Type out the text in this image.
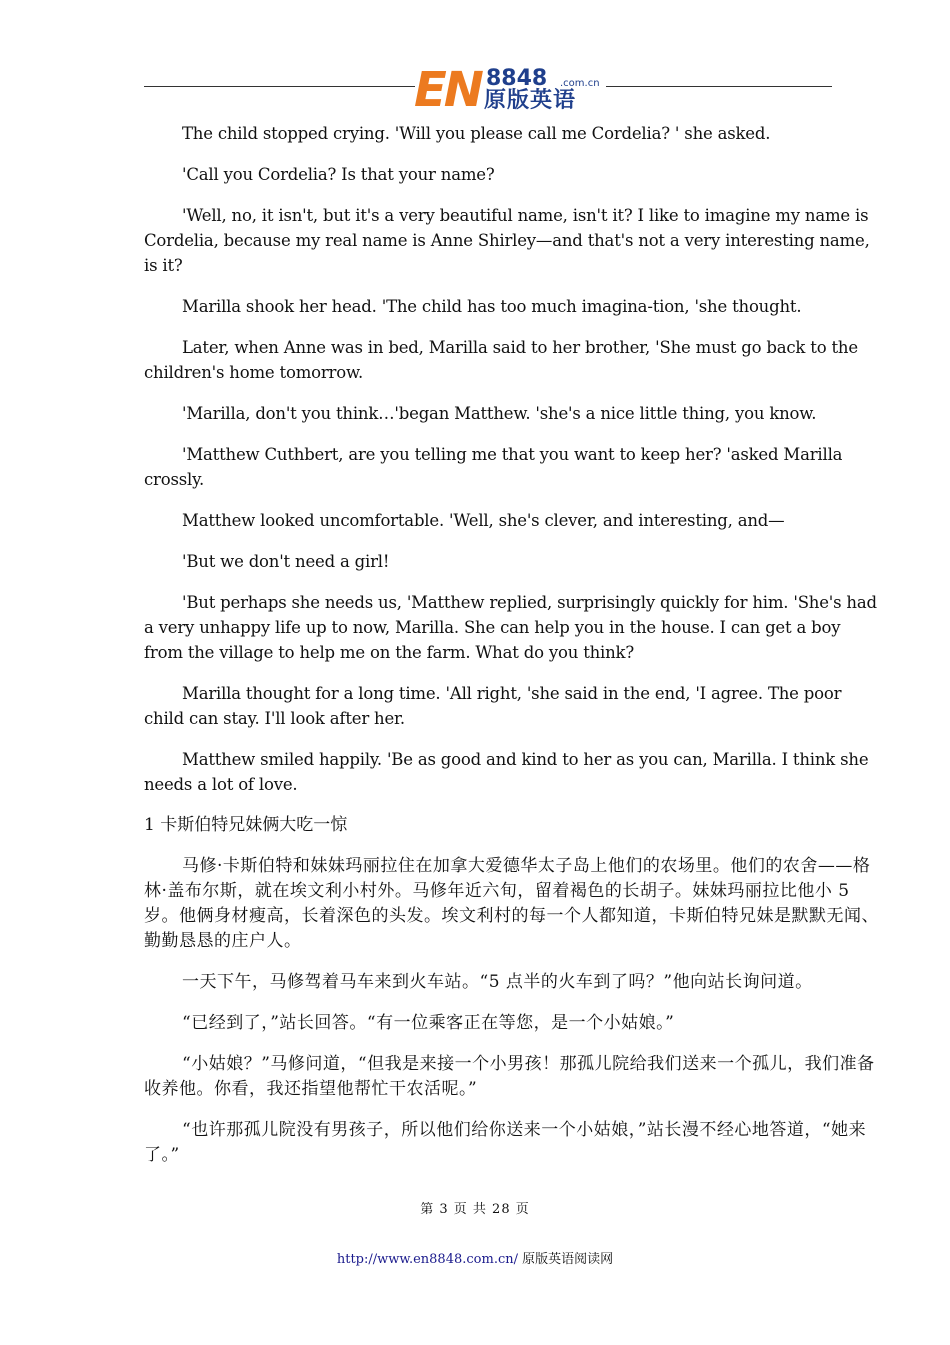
EN 8848 .com.cn
原版英语

The child stopped crying. 'Will you please call me Cordelia? ' she asked.

'Call you Cordelia? Is that your name?

'Well, no, it isn't, but it's a very beautiful name, isn't it? I like to imagine my name is Cordelia, because my real name is Anne Shirley—and that's not a very interesting name, is it?

Marilla shook her head. 'The child has too much imagina-tion, 'she thought.

Later, when Anne was in bed, Marilla said to her brother, 'She must go back to the children's home tomorrow.

'Marilla, don't you think…'began Matthew. 'she's a nice little thing, you know.

'Matthew Cuthbert, are you telling me that you want to keep her? 'asked Marilla crossly.

Matthew looked uncomfortable. 'Well, she's clever, and interesting, and—

'But we don't need a girl!

'But perhaps she needs us, 'Matthew replied, surprisingly quickly for him. 'She's had a very unhappy life up to now, Marilla. She can help you in the house. I can get a boy from the village to help me on the farm. What do you think?

Marilla thought for a long time. 'All right, 'she said in the end, 'I agree. The poor child can stay. I'll look after her.

Matthew smiled happily. 'Be as good and kind to her as you can, Marilla. I think she needs a lot of love.

1 卡斯伯特兄妹俩大吃一惊

马修·卡斯伯特和妹妹玛丽拉住在加拿大爱德华太子岛上他们的农场里。他们的农舍——格林·盖布尔斯，就在埃文利小村外。马修年近六旬，留着褐色的长胡子。妹妹玛丽拉比他小 5 岁。他俩身材瘦高，长着深色的头发。埃文利村的每一个人都知道，卡斯伯特兄妹是默默无闻、勤勤恳恳的庄户人。

一天下午，马修驾着马车来到火车站。“5 点半的火车到了吗？”他向站长询问道。

“已经到了，”站长回答。“有一位乘客正在等您，是一个小姑娘。”

“小姑娘？”马修问道，“但我是来接一个小男孩！那孤儿院给我们送来一个孤儿，我们准备收养他。你看，我还指望他帮忙干农活呢。”

“也许那孤儿院没有男孩子，所以他们给你送来一个小姑娘，”站长漫不经心地答道，“她来了。”

第 3 页 共 28 页
http://www.en8848.com.cn/ 原版英语阅读网
